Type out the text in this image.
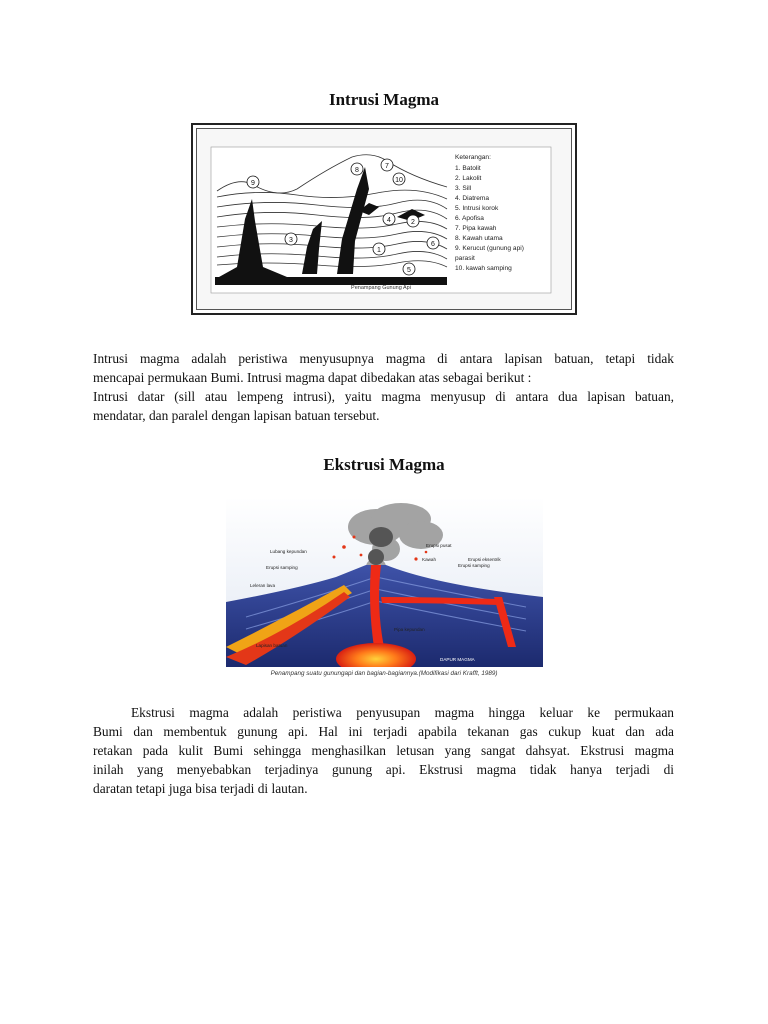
Intrusi Magma
9
8
7
10
4	2
3
1
6
5
Keterangan:
1. Batolit
2. Lakolit
3. Sill
4. Diatrema
5. Intrusi korok
6. Apofisa
7. Pipa kawah
8. Kawah utama
9. Kerucut (gunung api)
parasit
10. kawah samping
Penampang Gunung Api
Intrusi magma adalah peristiwa menyusupnya magma di antara lapisan batuan, tetapi tidak
mencapai permukaan Bumi. Intrusi magma dapat dibedakan atas sebagai berikut :
Intrusi datar (sill atau lempeng intrusi), yaitu magma menyusup di antara dua lapisan batuan,
mendatar, dan paralel dengan lapisan batuan tersebut.
Ekstrusi Magma
Lubang kepundan
Erupsi pusat
Kawah	Erupsi eksentrik
Erupsi samping	Erupsi samping
Leleran lava
Pipa kepundan
Lapisan batuan
DAPUR MAGMA
Penampang suatu gunungapi dan bagian-bagiannya.(Modifikasi dari Krafft, 1989)
Ekstrusi magma adalah peristiwa penyusupan magma hingga keluar ke permukaan
Bumi dan membentuk gunung api. Hal ini terjadi apabila tekanan gas cukup kuat dan ada
retakan pada kulit Bumi sehingga menghasilkan letusan yang sangat dahsyat. Ekstrusi magma
inilah yang menyebabkan terjadinya gunung api. Ekstrusi magma tidak hanya terjadi di
daratan tetapi juga bisa terjadi di lautan.
